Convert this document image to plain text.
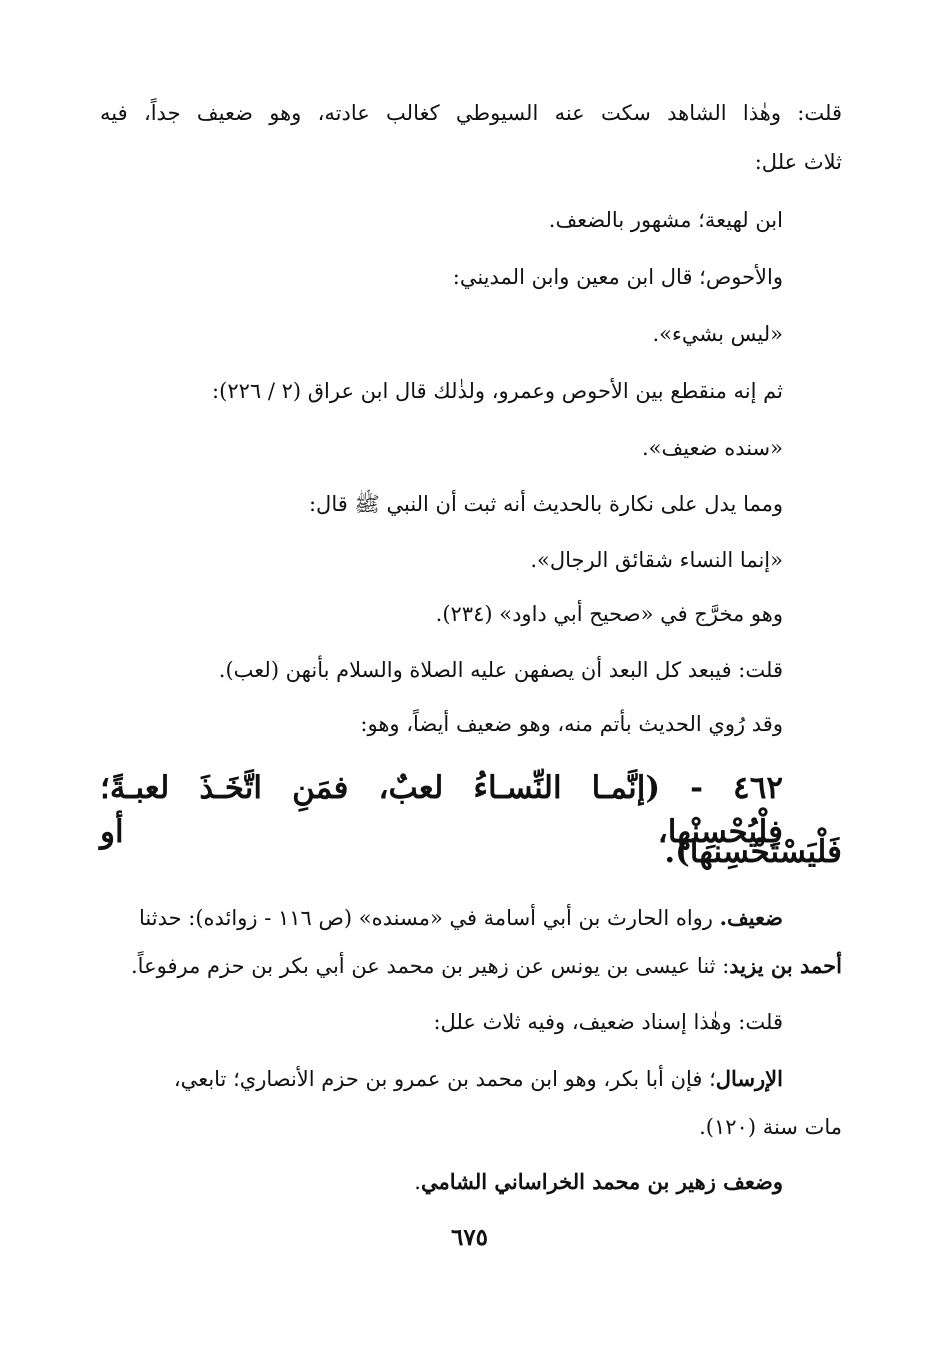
قلت: وهٰذا الشاهد سكت عنه السيوطي كغالب عادته، وهو ضعيف جداً، فيه
ثلاث علل:
ابن لهيعة؛ مشهور بالضعف.
والأحوص؛ قال ابن معين وابن المديني:
«ليس بشيء».
ثم إنه منقطع بين الأحوص وعمرو، ولذٰلك قال ابن عراق (٢ / ٢٢٦):
«سنده ضعيف».
ومما يدل على نكارة بالحديث أنه ثبت أن النبي ﷺ قال:
«إنما النساء شقائق الرجال».
وهو مخرَّج في «صحيح أبي داود» (٢٣٤).
قلت: فيبعد كل البعد أن يصفهن عليه الصلاة والسلام بأنهن (لعب).
وقد رُوي الحديث بأتم منه، وهو ضعيف أيضاً، وهو:
٤٦٢ - (إنَّمـا النِّسـاءُ لعبٌ، فمَنِ اتَّخَـذَ لعبـةً؛ فلْيُحْسِنْها، أو
فَلْيَسْتَحْسِنها).
ضعيف. رواه الحارث بن أبي أسامة في «مسنده» (ص ١١٦ - زوائده): حدثنا
أحمد بن يزيد: ثنا عيسى بن يونس عن زهير بن محمد عن أبي بكر بن حزم مرفوعاً.
قلت: وهٰذا إسناد ضعيف، وفيه ثلاث علل:
الإرسال؛ فإن أبا بكر، وهو ابن محمد بن عمرو بن حزم الأنصاري؛ تابعي،
مات سنة (١٢٠).
وضعف زهير بن محمد الخراساني الشامي.
٦٧٥
